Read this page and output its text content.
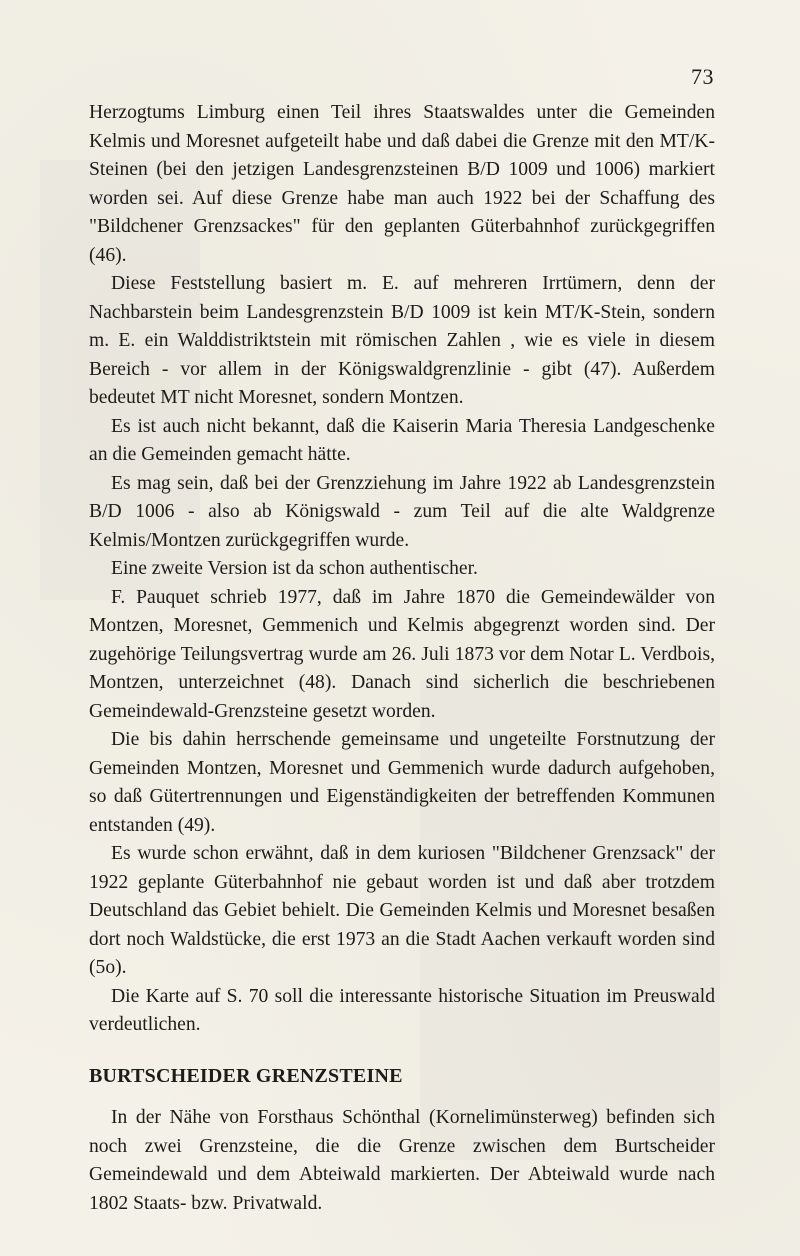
73

Herzogtums Limburg einen Teil ihres Staatswaldes unter die Gemeinden Kelmis und Moresnet aufgeteilt habe und daß dabei die Grenze mit den MT/K-Steinen (bei den jetzigen Landesgrenzsteinen B/D 1009 und 1006) markiert worden sei. Auf diese Grenze habe man auch 1922 bei der Schaffung des "Bildchener Grenzsackes" für den geplanten Güterbahnhof zurückgegriffen (46).

Diese Feststellung basiert m. E. auf mehreren Irrtümern, denn der Nachbarstein beim Landesgrenzstein B/D 1009 ist kein MT/K-Stein, sondern m. E. ein Walddistriktstein mit römischen Zahlen , wie es viele in diesem Bereich - vor allem in der Königswaldgrenzlinie - gibt (47). Außerdem bedeutet MT nicht Moresnet, sondern Montzen.

Es ist auch nicht bekannt, daß die Kaiserin Maria Theresia Landgeschenke an die Gemeinden gemacht hätte.

Es mag sein, daß bei der Grenzziehung im Jahre 1922 ab Landesgrenzstein B/D 1006 - also ab Königswald - zum Teil auf die alte Waldgrenze Kelmis/Montzen zurückgegriffen wurde.

Eine zweite Version ist da schon authentischer.

F. Pauquet schrieb 1977, daß im Jahre 1870 die Gemeindewälder von Montzen, Moresnet, Gemmenich und Kelmis abgegrenzt worden sind. Der zugehörige Teilungsvertrag wurde am 26. Juli 1873 vor dem Notar L. Verdbois, Montzen, unterzeichnet (48). Danach sind sicherlich die beschriebenen Gemeindewald-Grenzsteine gesetzt worden.

Die bis dahin herrschende gemeinsame und ungeteilte Forstnutzung der Gemeinden Montzen, Moresnet und Gemmenich wurde dadurch aufgehoben, so daß Gütertrennungen und Eigenständigkeiten der betreffenden Kommunen entstanden (49).

Es wurde schon erwähnt, daß in dem kuriosen "Bildchener Grenzsack" der 1922 geplante Güterbahnhof nie gebaut worden ist und daß aber trotzdem Deutschland das Gebiet behielt. Die Gemeinden Kelmis und Moresnet besaßen dort noch Waldstücke, die erst 1973 an die Stadt Aachen verkauft worden sind (5o).

Die Karte auf S. 70 soll die interessante historische Situation im Preuswald verdeutlichen.

BURTSCHEIDER GRENZSTEINE

In der Nähe von Forsthaus Schönthal (Kornelimünsterweg) befinden sich noch zwei Grenzsteine, die die Grenze zwischen dem Burtscheider Gemeindewald und dem Abteiwald markierten. Der Abteiwald wurde nach 1802 Staats- bzw. Privatwald.
